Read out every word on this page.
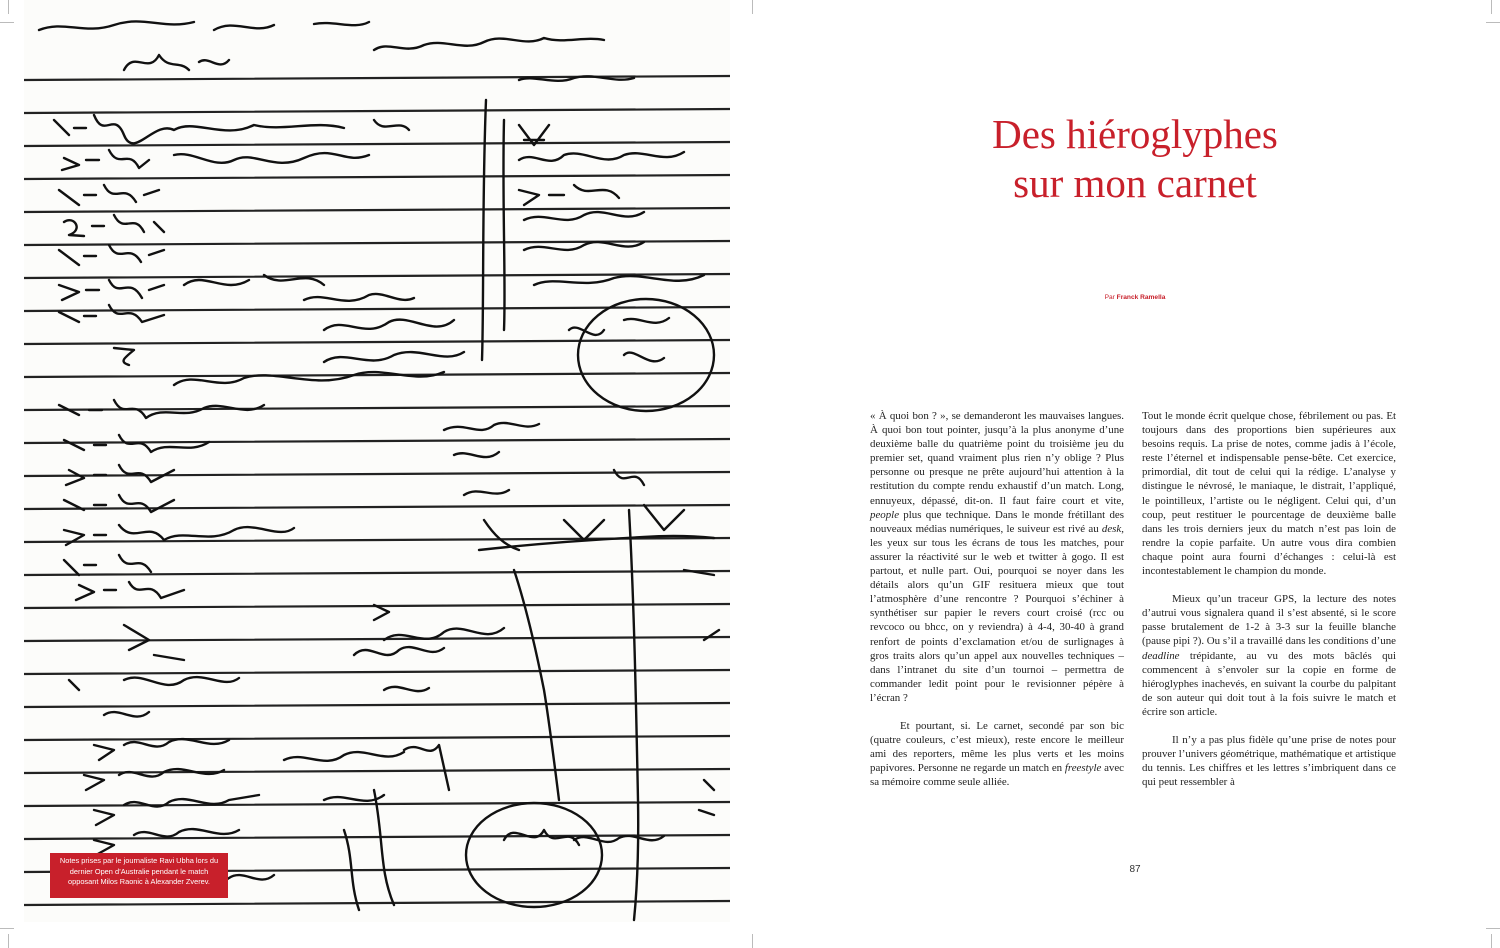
Notes prises par le journaliste Ravi Ubha lors du dernier Open d’Australie pendant le match opposant Milos Raonic à Alexander Zverev.
Des hiéroglyphes
sur mon carnet
Par Franck Ramella

« À quoi bon ? », se demanderont les mauvaises langues. À quoi bon tout pointer, jusqu’à la plus anonyme d’une deuxième balle du quatrième point du troisième jeu du premier set, quand vraiment plus rien n’y oblige ? Plus personne ou presque ne prête aujourd’hui attention à la restitution du compte rendu exhaustif d’un match. Long, ennuyeux, dépassé, dit-on. Il faut faire court et vite, people plus que technique. Dans le monde frétillant des nouveaux médias numériques, le suiveur est rivé au desk, les yeux sur tous les écrans de tous les matches, pour assurer la réactivité sur le web et twitter à gogo. Il est partout, et nulle part. Oui, pourquoi se noyer dans les détails alors qu’un GIF resituera mieux que tout l’atmosphère d’une rencontre ? Pourquoi s’échiner à synthétiser sur papier le revers court croisé (rcc ou revcoco ou bhcc, on y reviendra) à 4-4, 30-40 à grand renfort de points d’exclamation et/ou de surlignages à gros traits alors qu’un appel aux nouvelles techniques – dans l’intranet du site d’un tournoi – permettra de commander ledit point pour le revisionner pépère à l’écran ?

Et pourtant, si. Le carnet, secondé par son bic (quatre couleurs, c’est mieux), reste encore le meilleur ami des reporters, même les plus verts et les moins papivores. Personne ne regarde un match en freestyle avec sa mémoire comme seule alliée.

Tout le monde écrit quelque chose, fébrilement ou pas. Et toujours dans des proportions bien supérieures aux besoins requis. La prise de notes, comme jadis à l’école, reste l’éternel et indispensable pense-bête. Cet exercice, primordial, dit tout de celui qui la rédige. L’analyse y distingue le névrosé, le maniaque, le distrait, l’appliqué, le pointilleux, l’artiste ou le négligent. Celui qui, d’un coup, peut restituer le pourcentage de deuxième balle dans les trois derniers jeux du match n’est pas loin de rendre la copie parfaite. Un autre vous dira combien chaque point aura fourni d’échanges : celui-là est incontestablement le champion du monde.

Mieux qu’un traceur GPS, la lecture des notes d’autrui vous signalera quand il s’est absenté, si le score passe brutalement de 1-2 à 3-3 sur la feuille blanche (pause pipi ?). Ou s’il a travaillé dans les conditions d’une deadline trépidante, au vu des mots bâclés qui commencent à s’envoler sur la copie en forme de hiéroglyphes inachevés, en suivant la courbe du palpitant de son auteur qui doit tout à la fois suivre le match et écrire son article.

Il n’y a pas plus fidèle qu’une prise de notes pour prouver l’univers géométrique, mathématique et artistique du tennis. Les chiffres et les lettres s’imbriquent dans ce qui peut ressembler à

87
